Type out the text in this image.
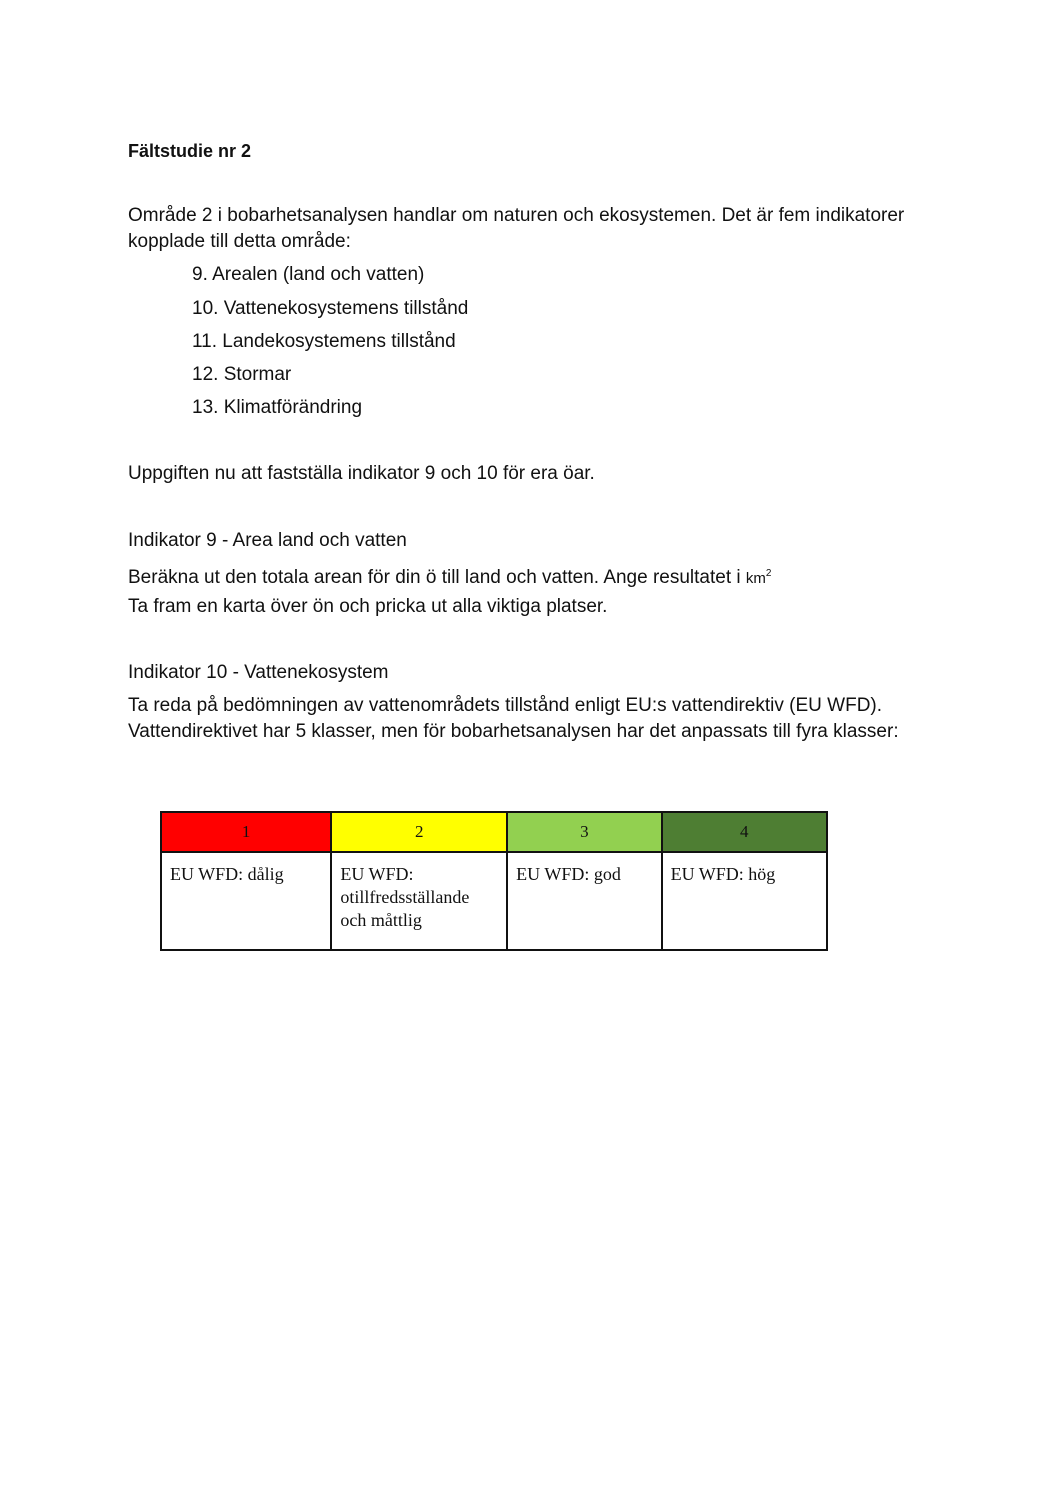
Fältstudie nr 2
Område 2 i bobarhetsanalysen handlar om naturen och ekosystemen. Det är fem indikatorer
kopplade till detta område:
9. Arealen (land och vatten)
10. Vattenekosystemens tillstånd
11. Landekosystemens tillstånd
12. Stormar
13. Klimatförändring
Uppgiften nu att fastställa indikator 9 och 10 för era öar.
Indikator 9 - Area land och vatten
Beräkna ut den totala arean för din ö till land och vatten. Ange resultatet i $km^2$
Ta fram en karta över ön och pricka ut alla viktiga platser.
Indikator 10 - Vattenekosystem
Ta reda på bedömningen av vattenområdets tillstånd enligt EU:s vattendirektiv (EU WFD).
Vattendirektivet har 5 klasser, men för bobarhetsanalysen har det anpassats till fyra klasser:
1	2	3	4

EU WFD: dålig	EU WFD:
otillfredsställande
och måttlig	EU WFD: god	EU WFD: hög
